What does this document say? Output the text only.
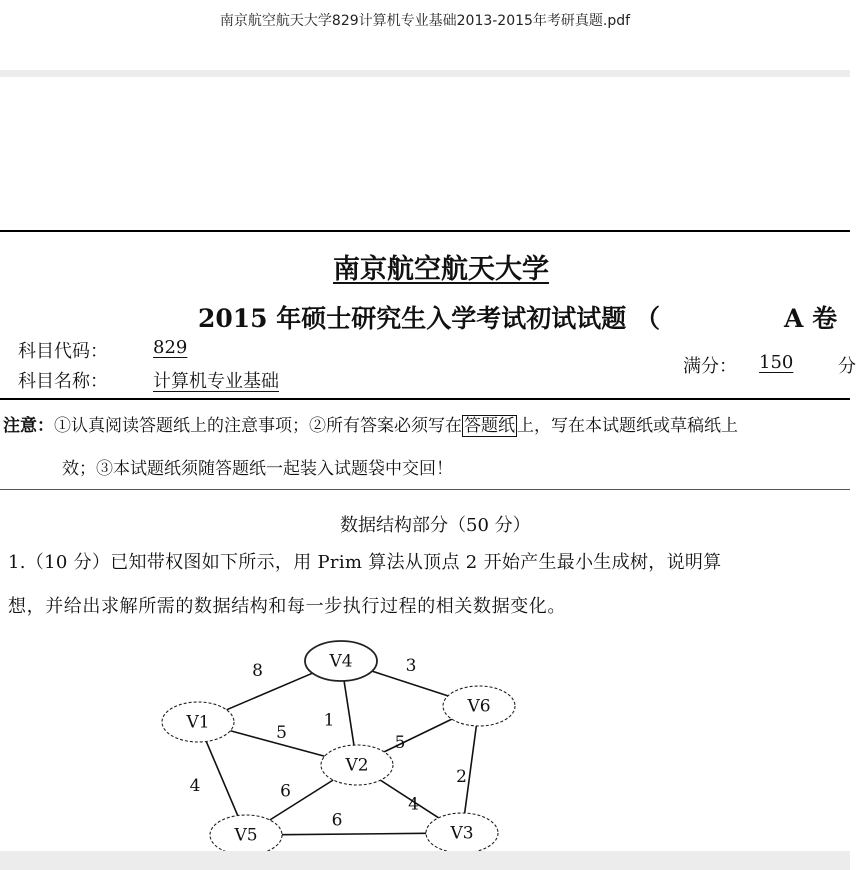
南京航空航天大学829计算机专业基础2013-2015年考研真题.pdf
南京航空航天大学
2015 年硕士研究生入学考试初试试题 （	A 卷
科目代码：	829
科目名称：	计算机专业基础
满分： 150 分
注意：①认真阅读答题纸上的注意事项；②所有答案必须写在 答题纸 上，写在本试题纸或草稿纸上
效；③本试题纸须随答题纸一起装入试题袋中交回！
数据结构部分（50 分）
1.（10 分）已知带权图如下所示，用 Prim 算法从顶点 2 开始产生最小生成树，说明算
想，并给出求解所需的数据结构和每一步执行过程的相关数据变化。
8	3
1
5	5
4	2
6
4
6
V4
V1
V6
V2
V5	V3
